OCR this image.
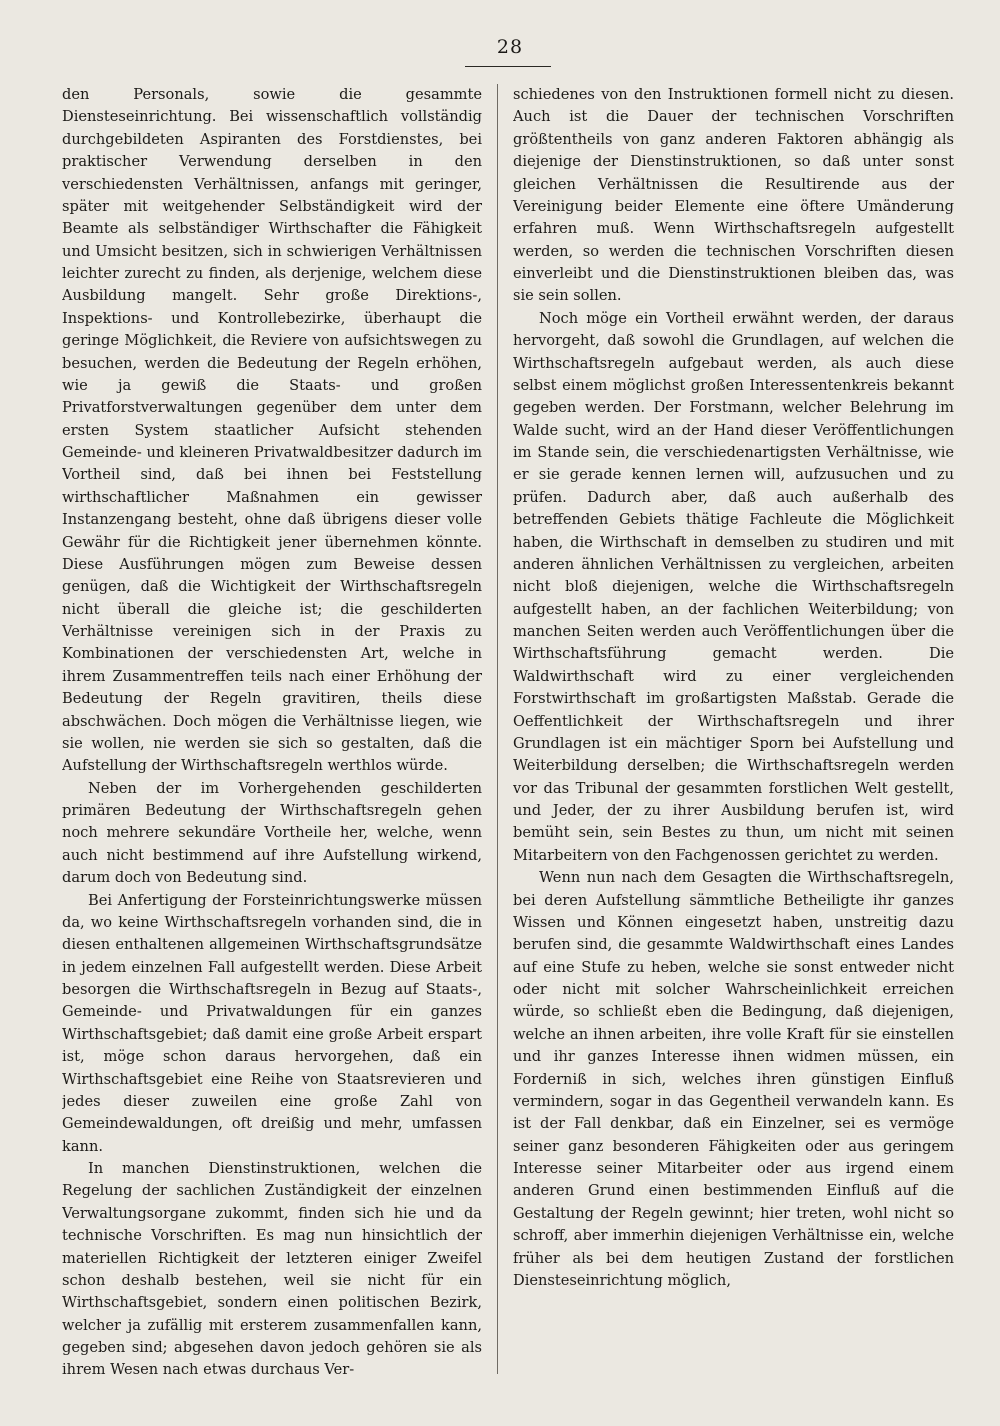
28

den Personals, sowie die gesammte Diensteseinrichtung. Bei wissenschaftlich vollständig durchgebildeten Aspiranten des Forstdienstes, bei praktischer Verwendung derselben in den verschiedensten Verhältnissen, anfangs mit geringer, später mit weitgehender Selbständigkeit wird der Beamte als selbständiger Wirthschafter die Fähigkeit und Umsicht besitzen, sich in schwierigen Verhältnissen leichter zurecht zu finden, als derjenige, welchem diese Ausbildung mangelt. Sehr große Direktions-, Inspektions- und Kontrollebezirke, überhaupt die geringe Möglichkeit, die Reviere von aufsichtswegen zu besuchen, werden die Bedeutung der Regeln erhöhen, wie ja gewiß die Staats- und großen Privatforstverwaltungen gegenüber dem unter dem ersten System staatlicher Aufsicht stehenden Gemeinde- und kleineren Privatwaldbesitzer dadurch im Vortheil sind, daß bei ihnen bei Feststellung wirthschaftlicher Maßnahmen ein gewisser Instanzengang besteht, ohne daß übrigens dieser volle Gewähr für die Richtigkeit jener übernehmen könnte. Diese Ausführungen mögen zum Beweise dessen genügen, daß die Wichtigkeit der Wirthschaftsregeln nicht überall die gleiche ist; die geschilderten Verhältnisse vereinigen sich in der Praxis zu Kombinationen der verschiedensten Art, welche in ihrem Zusammentreffen teils nach einer Erhöhung der Bedeutung der Regeln gravitiren, theils diese abschwächen. Doch mögen die Verhältnisse liegen, wie sie wollen, nie werden sie sich so gestalten, daß die Aufstellung der Wirthschaftsregeln werthlos würde.

Neben der im Vorhergehenden geschilderten primären Bedeutung der Wirthschaftsregeln gehen noch mehrere sekundäre Vortheile her, welche, wenn auch nicht bestimmend auf ihre Aufstellung wirkend, darum doch von Bedeutung sind.

Bei Anfertigung der Forsteinrichtungswerke müssen da, wo keine Wirthschaftsregeln vorhanden sind, die in diesen enthaltenen allgemeinen Wirthschaftsgrundsätze in jedem einzelnen Fall aufgestellt werden. Diese Arbeit besorgen die Wirthschaftsregeln in Bezug auf Staats-, Gemeinde- und Privatwaldungen für ein ganzes Wirthschaftsgebiet; daß damit eine große Arbeit erspart ist, möge schon daraus hervorgehen, daß ein Wirthschaftsgebiet eine Reihe von Staatsrevieren und jedes dieser zuweilen eine große Zahl von Gemeindewaldungen, oft dreißig und mehr, umfassen kann.

In manchen Dienstinstruktionen, welchen die Regelung der sachlichen Zuständigkeit der einzelnen Verwaltungsorgane zukommt, finden sich hie und da technische Vorschriften. Es mag nun hinsichtlich der materiellen Richtigkeit der letzteren einiger Zweifel schon deshalb bestehen, weil sie nicht für ein Wirthschaftsgebiet, sondern einen politischen Bezirk, welcher ja zufällig mit ersterem zusammenfallen kann, gegeben sind; abgesehen davon jedoch gehören sie als ihrem Wesen nach etwas durchaus Ver-

schiedenes von den Instruktionen formell nicht zu diesen. Auch ist die Dauer der technischen Vorschriften größtentheils von ganz anderen Faktoren abhängig als diejenige der Dienstinstruktionen, so daß unter sonst gleichen Verhältnissen die Resultirende aus der Vereinigung beider Elemente eine öftere Umänderung erfahren muß. Wenn Wirthschaftsregeln aufgestellt werden, so werden die technischen Vorschriften diesen einverleibt und die Dienstinstruktionen bleiben das, was sie sein sollen.

Noch möge ein Vortheil erwähnt werden, der daraus hervorgeht, daß sowohl die Grundlagen, auf welchen die Wirthschaftsregeln aufgebaut werden, als auch diese selbst einem möglichst großen Interessentenkreis bekannt gegeben werden. Der Forstmann, welcher Belehrung im Walde sucht, wird an der Hand dieser Veröffentlichungen im Stande sein, die verschiedenartigsten Verhältnisse, wie er sie gerade kennen lernen will, aufzusuchen und zu prüfen. Dadurch aber, daß auch außerhalb des betreffenden Gebiets thätige Fachleute die Möglichkeit haben, die Wirthschaft in demselben zu studiren und mit anderen ähnlichen Verhältnissen zu vergleichen, arbeiten nicht bloß diejenigen, welche die Wirthschaftsregeln aufgestellt haben, an der fachlichen Weiterbildung; von manchen Seiten werden auch Veröffentlichungen über die Wirthschaftsführung gemacht werden. Die Waldwirthschaft wird zu einer vergleichenden Forstwirthschaft im großartigsten Maßstab. Gerade die Oeffentlichkeit der Wirthschaftsregeln und ihrer Grundlagen ist ein mächtiger Sporn bei Aufstellung und Weiterbildung derselben; die Wirthschaftsregeln werden vor das Tribunal der gesammten forstlichen Welt gestellt, und Jeder, der zu ihrer Ausbildung berufen ist, wird bemüht sein, sein Bestes zu thun, um nicht mit seinen Mitarbeitern von den Fachgenossen gerichtet zu werden.

Wenn nun nach dem Gesagten die Wirthschaftsregeln, bei deren Aufstellung sämmtliche Betheiligte ihr ganzes Wissen und Können eingesetzt haben, unstreitig dazu berufen sind, die gesammte Waldwirthschaft eines Landes auf eine Stufe zu heben, welche sie sonst entweder nicht oder nicht mit solcher Wahrscheinlichkeit erreichen würde, so schließt eben die Bedingung, daß diejenigen, welche an ihnen arbeiten, ihre volle Kraft für sie einstellen und ihr ganzes Interesse ihnen widmen müssen, ein Forderniß in sich, welches ihren günstigen Einfluß vermindern, sogar in das Gegentheil verwandeln kann. Es ist der Fall denkbar, daß ein Einzelner, sei es vermöge seiner ganz besonderen Fähigkeiten oder aus geringem Interesse seiner Mitarbeiter oder aus irgend einem anderen Grund einen bestimmenden Einfluß auf die Gestaltung der Regeln gewinnt; hier treten, wohl nicht so schroff, aber immerhin diejenigen Verhältnisse ein, welche früher als bei dem heutigen Zustand der forstlichen Diensteseinrichtung möglich,
